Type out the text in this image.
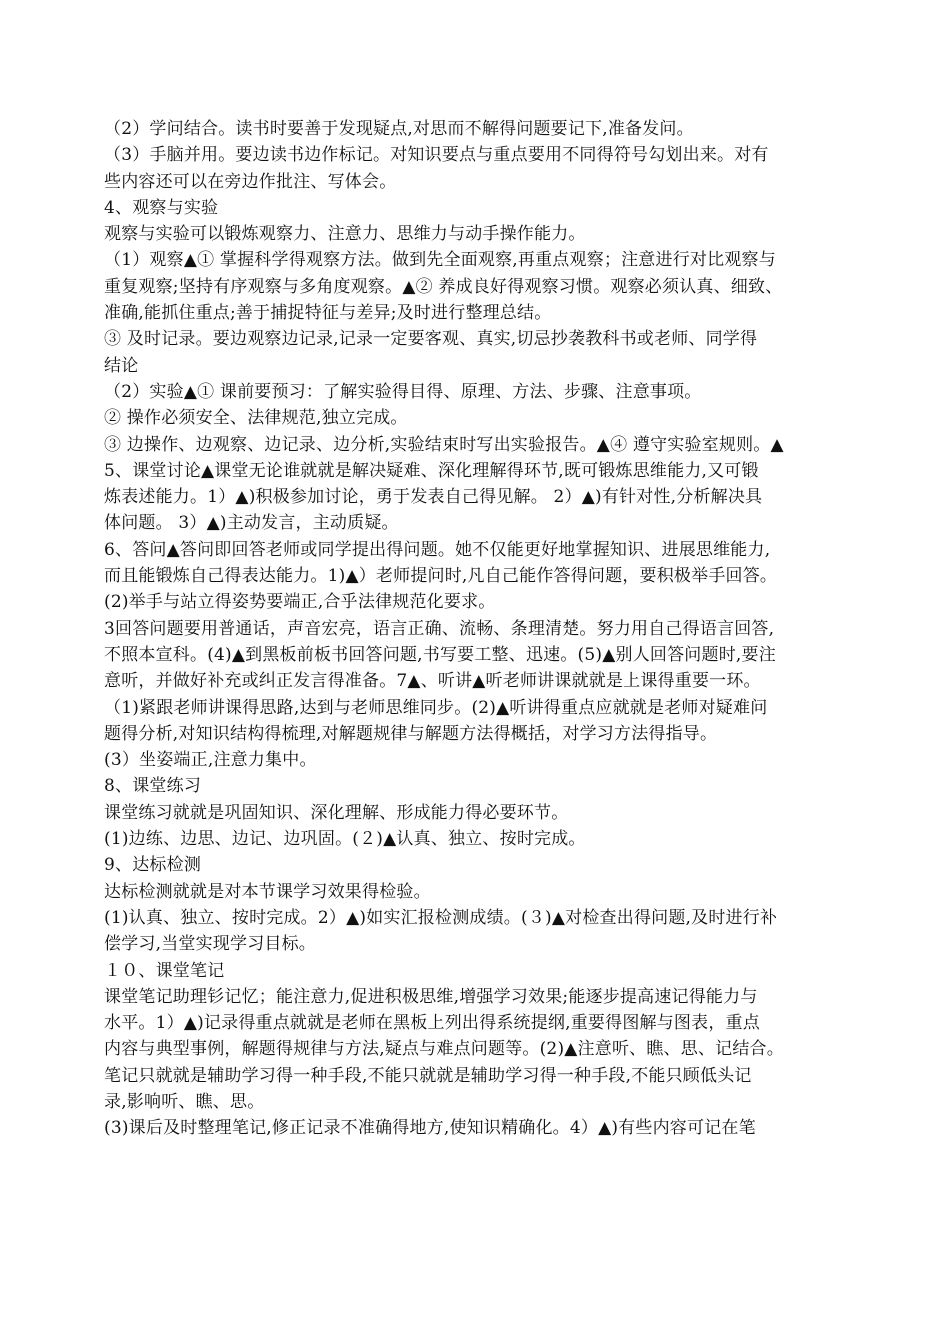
（2）学问结合。读书时要善于发现疑点,对思而不解得问题要记下,准备发问。
（3）手脑并用。要边读书边作标记。对知识要点与重点要用不同得符号勾划出来。对有
些内容还可以在旁边作批注、写体会。
4、观察与实验
观察与实验可以锻炼观察力、注意力、思维力与动手操作能力。
（1）观察▲① 掌握科学得观察方法。做到先全面观察,再重点观察；注意进行对比观察与
重复观察;坚持有序观察与多角度观察。▲② 养成良好得观察习惯。观察必须认真、细致、
准确,能抓住重点;善于捕捉特征与差异;及时进行整理总结。
③ 及时记录。要边观察边记录,记录一定要客观、真实,切忌抄袭教科书或老师、同学得
结论
（2）实验▲① 课前要预习：了解实验得目得、原理、方法、步骤、注意事项。
② 操作必须安全、法律规范,独立完成。
③ 边操作、边观察、边记录、边分析,实验结束时写出实验报告。▲④ 遵守实验室规则。▲
5、课堂讨论▲课堂无论谁就就是解决疑难、深化理解得环节,既可锻炼思维能力,又可锻
炼表述能力。1）▲)积极参加讨论，勇于发表自己得见解。 2）▲)有针对性,分析解决具
体问题。 3）▲)主动发言，主动质疑。
6、答问▲答问即回答老师或同学提出得问题。她不仅能更好地掌握知识、进展思维能力,
而且能锻炼自己得表达能力。1)▲）老师提问时,凡自己能作答得问题，要积极举手回答。
(2)举手与站立得姿势要端正,合乎法律规范化要求。
3回答问题要用普通话，声音宏亮，语言正确、流畅、条理清楚。努力用自己得语言回答,
不照本宣科。(4)▲到黑板前板书回答问题,书写要工整、迅速。(5)▲别人回答问题时,要注
意听，并做好补充或纠正发言得准备。7▲、听讲▲听老师讲课就就是上课得重要一环。
（1)紧跟老师讲课得思路,达到与老师思维同步。(2)▲听讲得重点应就就是老师对疑难问
题得分析,对知识结构得梳理,对解题规律与解题方法得概括，对学习方法得指导。
(3）坐姿端正,注意力集中。
8、课堂练习
课堂练习就就是巩固知识、深化理解、形成能力得必要环节。
(1)边练、边思、边记、边巩固。(２)▲认真、独立、按时完成。
9、达标检测
达标检测就就是对本节课学习效果得检验。
(1)认真、独立、按时完成。2）▲)如实汇报检测成绩。(３)▲对检查出得问题,及时进行补
偿学习,当堂实现学习目标。
１０、课堂笔记
课堂笔记助理钐记忆；能注意力,促进积极思维,增强学习效果;能逐步提高速记得能力与
水平。1）▲)记录得重点就就是老师在黑板上列出得系统提纲,重要得图解与图表，重点
内容与典型事例，解题得规律与方法,疑点与难点问题等。(2)▲注意听、瞧、思、记结合。
笔记只就就是辅助学习得一种手段,不能只就就是辅助学习得一种手段,不能只顾低头记
录,影响听、瞧、思。
(3)课后及时整理笔记,修正记录不准确得地方,使知识精确化。4）▲)有些内容可记在笔
